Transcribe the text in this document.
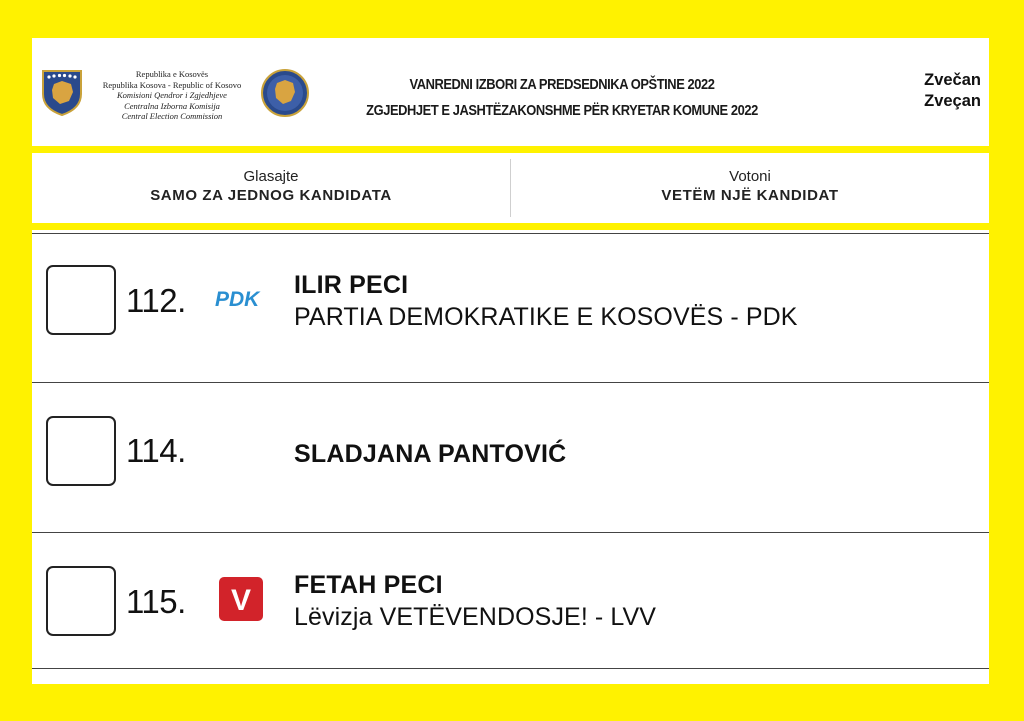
Republika e Kosovës
Republika Kosova - Republic of Kosovo
Komisioni Qendror i Zgjedhjeve
Centralna Izborna Komisija
Central Election Commission
VANREDNI IZBORI ZA PREDSEDNIKA OPŠTINE 2022
ZGJEDHJET E JASHTËZAKONSHME PËR KRYETAR KOMUNE 2022
Zvečan
Zveçan
Glasajte
SAMO ZA JEDNOG KANDIDATA
Votoni
VETËM NJË KANDIDAT
112. PDK
ILIR PECI
PARTIA DEMOKRATIKE E KOSOVËS - PDK
114.	SLADJANA PANTOVIĆ
115. V FETAH PECI
Lëvizja VETËVENDOSJE! - LVV
